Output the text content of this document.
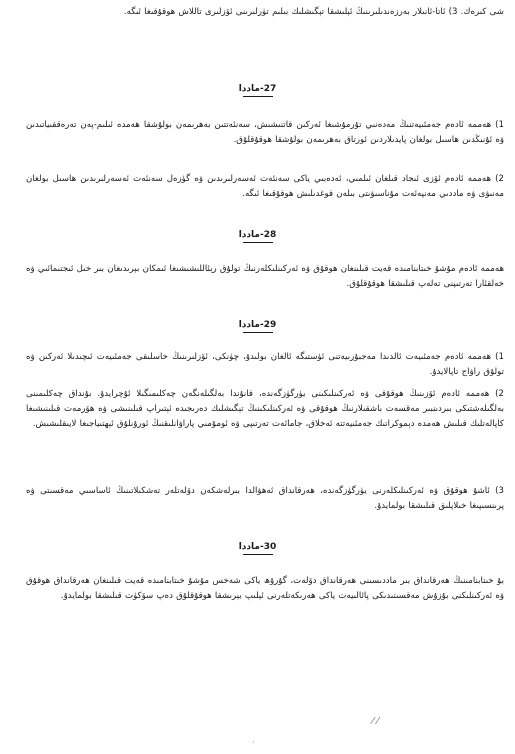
شى كىرەك. 3) ئاتا-ئانىلار بەرزەندىلىرىنىڭ ئېلىشقا تېگىشلىك بىلىم تۈرلىرىنى ئۆزلىرى تاللاش ھوقۇقىغا ئىگە.

27-ماددا

1) ھەممە ئادەم جەمئىيەتنىڭ مەدەنىي تۇرمۇشىغا ئەركىن قاتنىشىش، سەنئەتتىن بەھرىمەن بولۇشقا ھەمدە ئىلىم-پەن تەرەققىياتىدىن ۋە ئۇنىڭدىن ھاسىل بولغان پايدىلاردىن ئورتاق بەھرىمەن بولۇشقا ھوقۇقلۇق.

2) ھەممە ئادەم ئۆزى ئىجاد قىلغان ئىلمىي، ئەدەبىي ياكى سەنئەت ئەسەرلىرىدىن ۋە گۈزەل سەنئەت ئەسەرلىرىدىن ھاسىل بولغان مەنىۋى ۋە ماددىي مەنپەئەت مۇناسىۋىتى بىلەن قوغدىلىش ھوقۇقىغا ئىگە.

28-ماددا

ھەممە ئادەم مۇشۇ خىتابنامىدە قەيت قىلىنغان ھوقۇق ۋە ئەركىنلىكلەرنىڭ تولۇق رېئاللىشىشىغا ئىمكان بېرىدىغان بىر خىل ئىجتىمائىي ۋە خەلقئارا تەرتىپنى تەلەپ قىلىشقا ھوقۇقلۇق.

29-ماددا

1) ھەممە ئادەم جەمئىيەت ئالدىدا مەجبۇرىيەتنى ئۈستىگە ئالغان بولىدۇ، چۈنكى، ئۆزلىرىنىڭ خاسلىقى جەمئىيەت ئىچىدىلا ئەركىن ۋە تولۇق راۋاج تاپالايدۇ.

2) ھەممە ئادەم ئۆزىنىڭ ھوقۇقى ۋە ئەركىنلىكىنى يۈرگۈزگەندە، قانۇندا بەلگىلەنگەن چەكلىمىگىلا ئۇچرايدۇ. بۇنداق چەكلىمىنى بەلگىلەشتىكى بىردىنبىر مەقسەت باشقىلارنىڭ ھوقۇقى ۋە ئەركىنلىكىنىڭ تېگىشلىك دەرىجىدە ئېتىراپ قىلىنىشى ۋە ھۆرمەت قىلىنىشىغا كاپالەتلىك قىلىش ھەمدە دېموكراتىك جەمئىيەتتە ئەخلاق، جامائەت تەرتىپى ۋە ئومۇمىي پاراۋانلىقنىڭ ئورۇنلۇق ئېھتىياجىغا لايىقلىشىش.

3) ئاشۇ ھوقۇق ۋە ئەركىنلىكلەرنى يۈرگۈزگەندە، ھەرقانداق ئەھۋالدا بىرلەشكەن دۆلەتلەر تەشكىلاتىنىڭ ئاساسىي مەقسىتى ۋە پرىنسىپىغا خىلاپلىق قىلىشقا بولمايدۇ.

30-ماددا

بۇ خىتابنامىنىڭ ھەرقانداق بىر ماددىسىنى ھەرقانداق دۆلەت، گۇرۇھ ياكى شەخس مۇشۇ خىتابنامىدە قەيت قىلىنغان ھەرقانداق ھوقۇق ۋە ئەركىنلىكنى بۇزۇش مەقسىتىدىكى پائالىيەت ياكى ھەرىكەتلەرنى ئېلىپ بېرىشقا ھوقۇقلۇق دەپ سۆكۈت قىلىشقا بولمايدۇ.

⁄ ⁄
·
